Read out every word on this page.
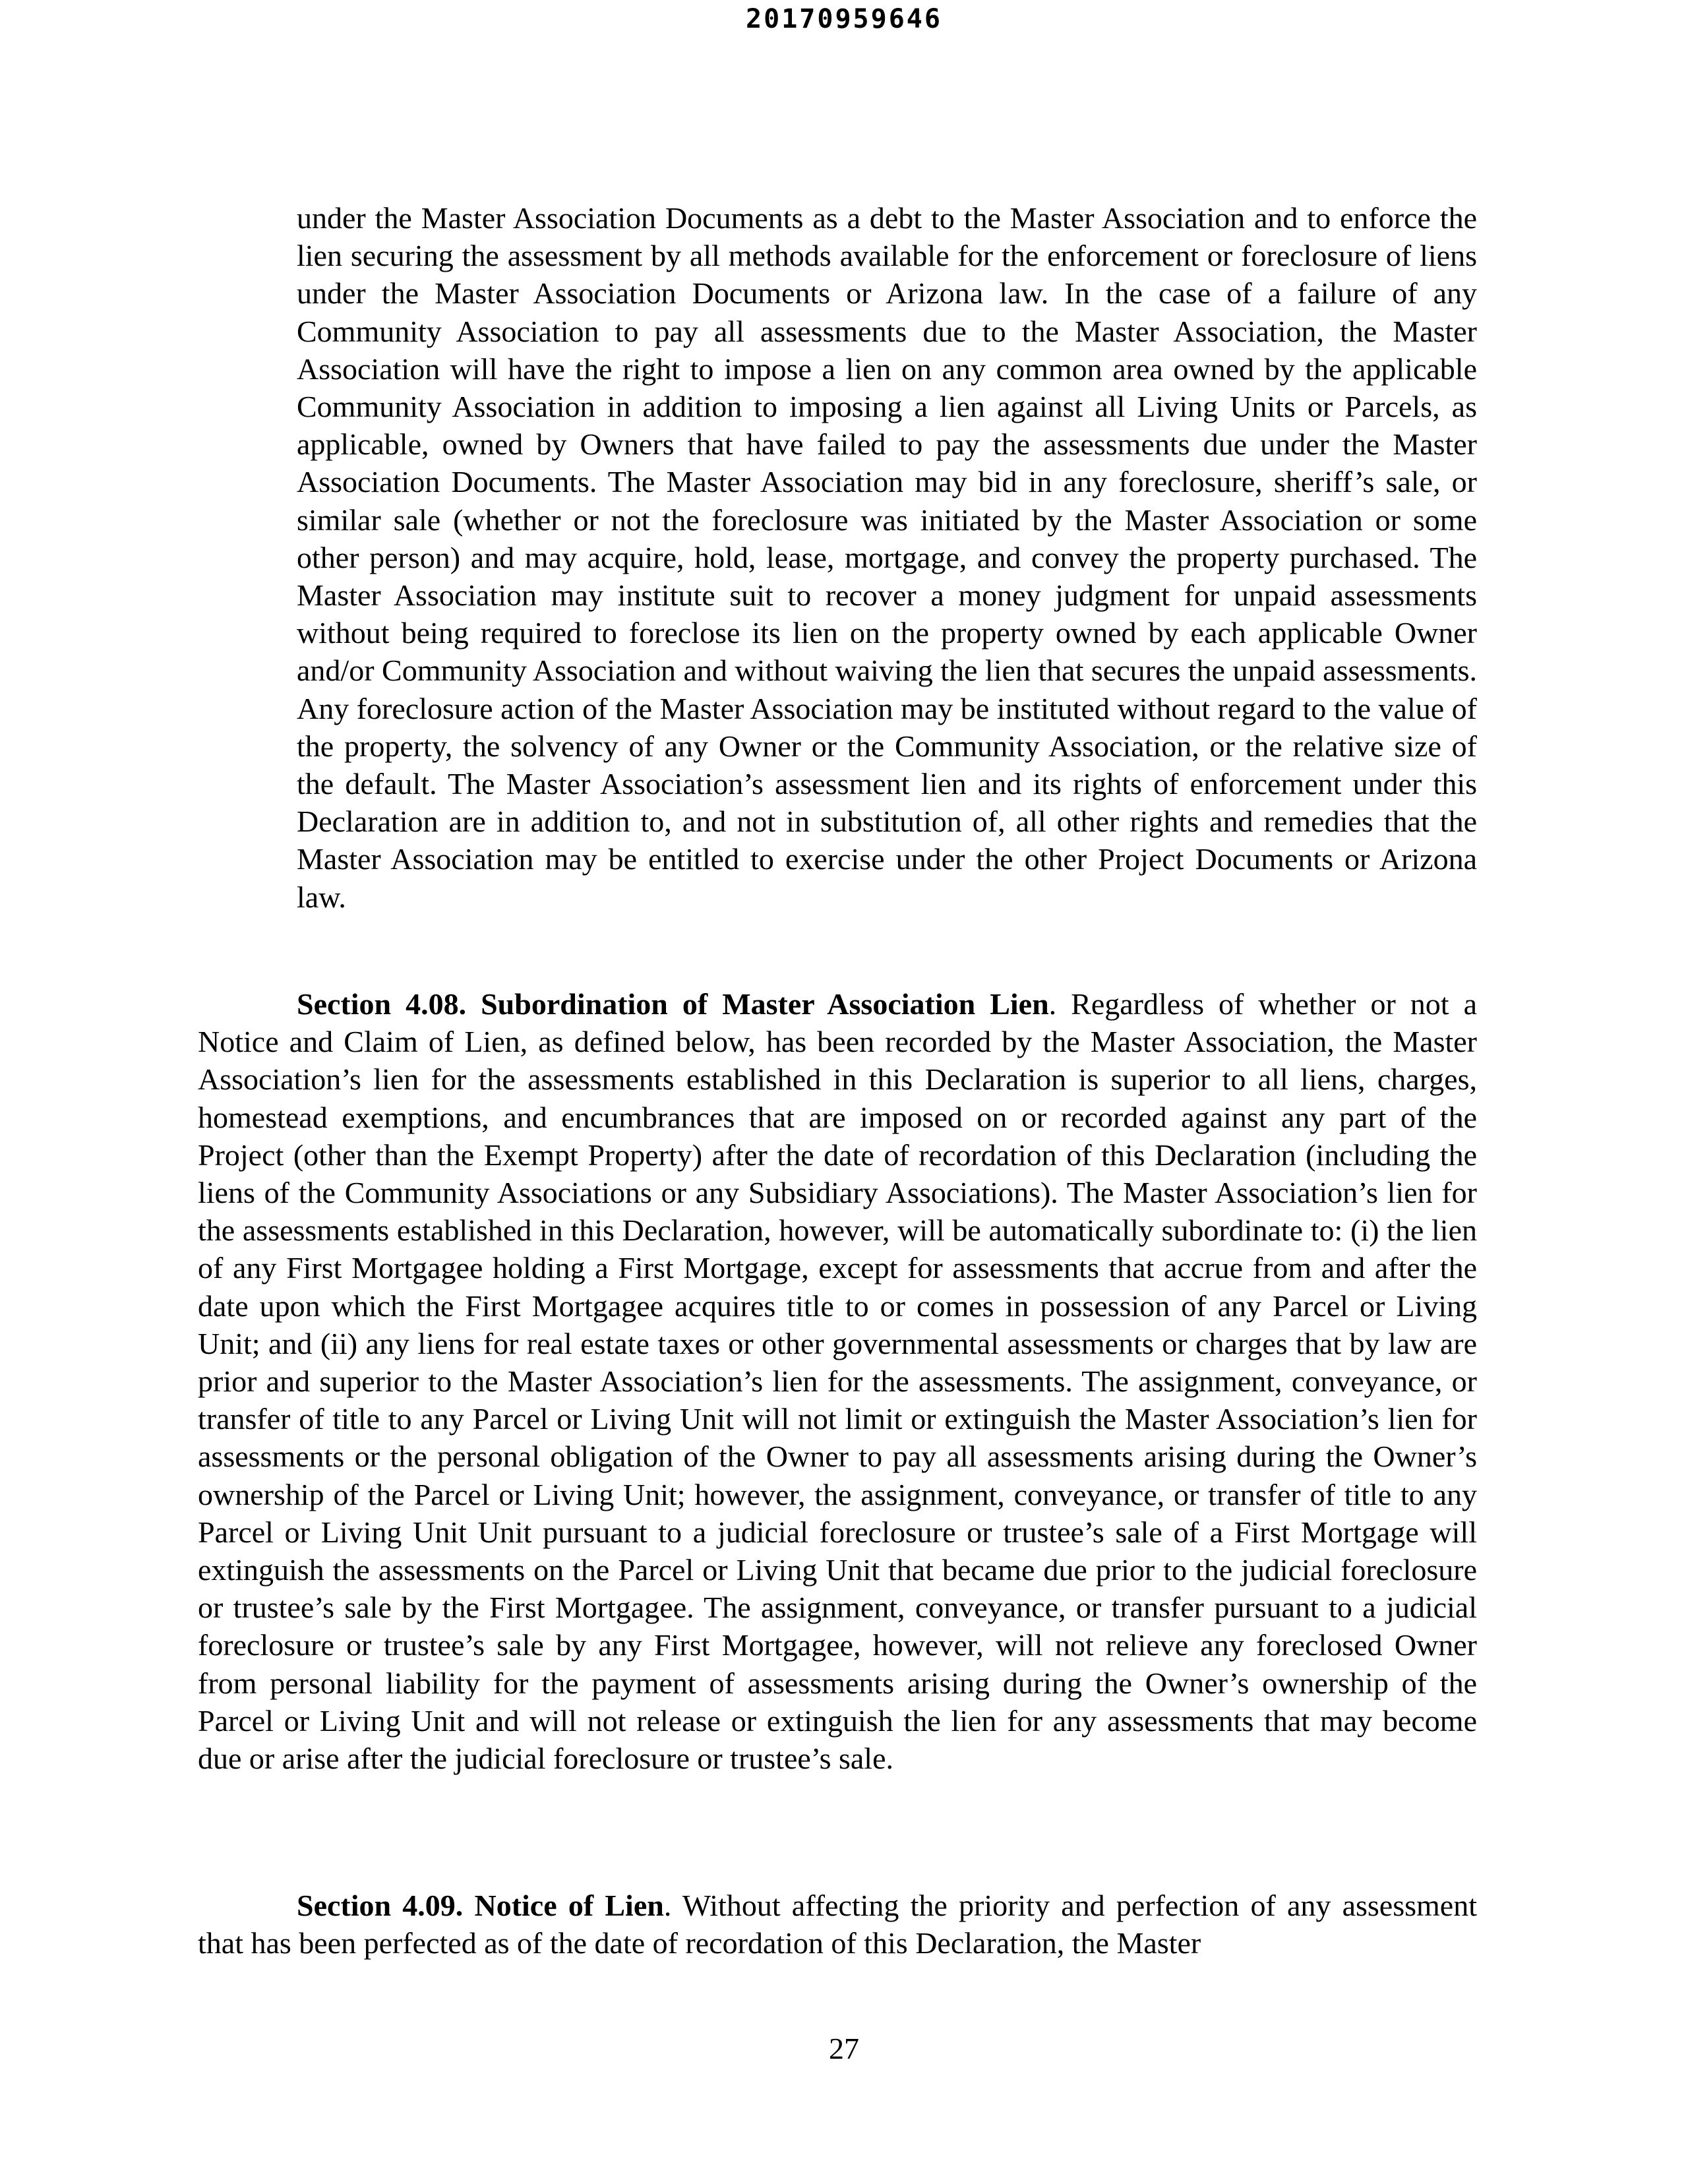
20170959646

under the Master Association Documents as a debt to the Master Association and to enforce the lien securing the assessment by all methods available for the enforcement or foreclosure of liens under the Master Association Documents or Arizona law. In the case of a failure of any Community Association to pay all assessments due to the Master Association, the Master Association will have the right to impose a lien on any common area owned by the applicable Community Association in addition to imposing a lien against all Living Units or Parcels, as applicable, owned by Owners that have failed to pay the assessments due under the Master Association Documents. The Master Association may bid in any foreclosure, sheriff’s sale, or similar sale (whether or not the foreclosure was initiated by the Master Association or some other person) and may acquire, hold, lease, mortgage, and convey the property purchased. The Master Association may institute suit to recover a money judgment for unpaid assessments without being required to foreclose its lien on the property owned by each applicable Owner and/or Community Association and without waiving the lien that secures the unpaid assessments. Any foreclosure action of the Master Association may be instituted without regard to the value of the property, the solvency of any Owner or the Community Association, or the relative size of the default. The Master Association’s assessment lien and its rights of enforcement under this Declaration are in addition to, and not in substitution of, all other rights and remedies that the Master Association may be entitled to exercise under the other Project Documents or Arizona law.

Section 4.08. Subordination of Master Association Lien. Regardless of whether or not a Notice and Claim of Lien, as defined below, has been recorded by the Master Association, the Master Association’s lien for the assessments established in this Declaration is superior to all liens, charges, homestead exemptions, and encumbrances that are imposed on or recorded against any part of the Project (other than the Exempt Property) after the date of recordation of this Declaration (including the liens of the Community Associations or any Subsidiary Associations). The Master Association’s lien for the assessments established in this Declaration, however, will be automatically subordinate to: (i) the lien of any First Mortgagee holding a First Mortgage, except for assessments that accrue from and after the date upon which the First Mortgagee acquires title to or comes in possession of any Parcel or Living Unit; and (ii) any liens for real estate taxes or other governmental assessments or charges that by law are prior and superior to the Master Association’s lien for the assessments. The assignment, conveyance, or transfer of title to any Parcel or Living Unit will not limit or extinguish the Master Association’s lien for assessments or the personal obligation of the Owner to pay all assessments arising during the Owner’s ownership of the Parcel or Living Unit; however, the assignment, conveyance, or transfer of title to any Parcel or Living Unit Unit pursuant to a judicial foreclosure or trustee’s sale of a First Mortgage will extinguish the assessments on the Parcel or Living Unit that became due prior to the judicial foreclosure or trustee’s sale by the First Mortgagee. The assignment, conveyance, or transfer pursuant to a judicial foreclosure or trustee’s sale by any First Mortgagee, however, will not relieve any foreclosed Owner from personal liability for the payment of assessments arising during the Owner’s ownership of the Parcel or Living Unit and will not release or extinguish the lien for any assessments that may become due or arise after the judicial foreclosure or trustee’s sale.

Section 4.09. Notice of Lien. Without affecting the priority and perfection of any assessment that has been perfected as of the date of recordation of this Declaration, the Master

27
